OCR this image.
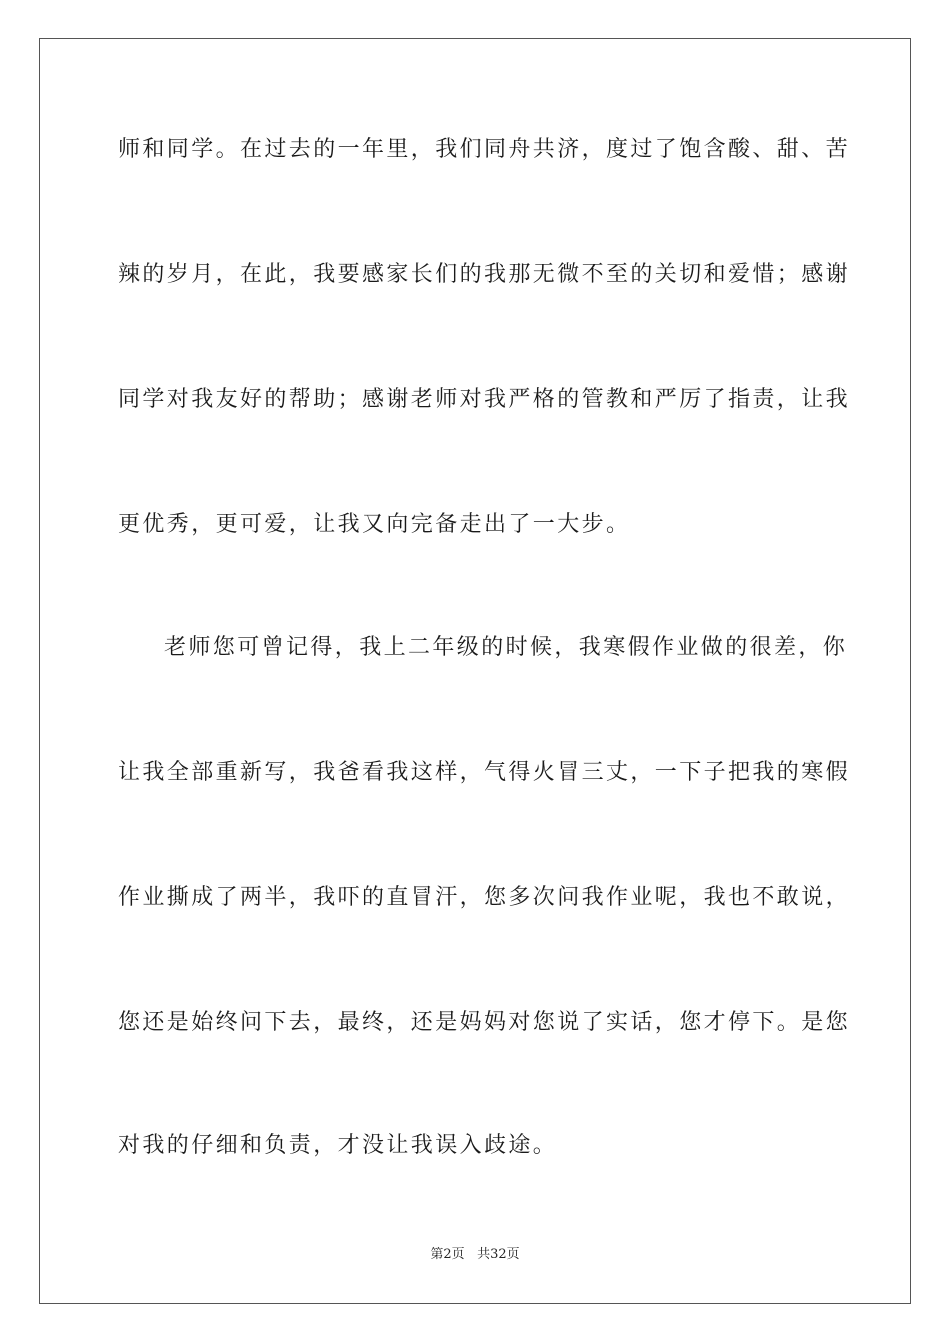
师和同学。在过去的一年里，我们同舟共济，度过了饱含酸、甜、苦
辣的岁月，在此，我要感家长们的我那无微不至的关切和爱惜；感谢
同学对我友好的帮助；感谢老师对我严格的管教和严厉了指责，让我
更优秀，更可爱，让我又向完备走出了一大步。
老师您可曾记得，我上二年级的时候，我寒假作业做的很差，你
让我全部重新写，我爸看我这样，气得火冒三丈，一下子把我的寒假
作业撕成了两半，我吓的直冒汗，您多次问我作业呢，我也不敢说，
您还是始终问下去，最终，还是妈妈对您说了实话，您才停下。是您
对我的仔细和负责，才没让我误入歧途。
第2页 共32页
